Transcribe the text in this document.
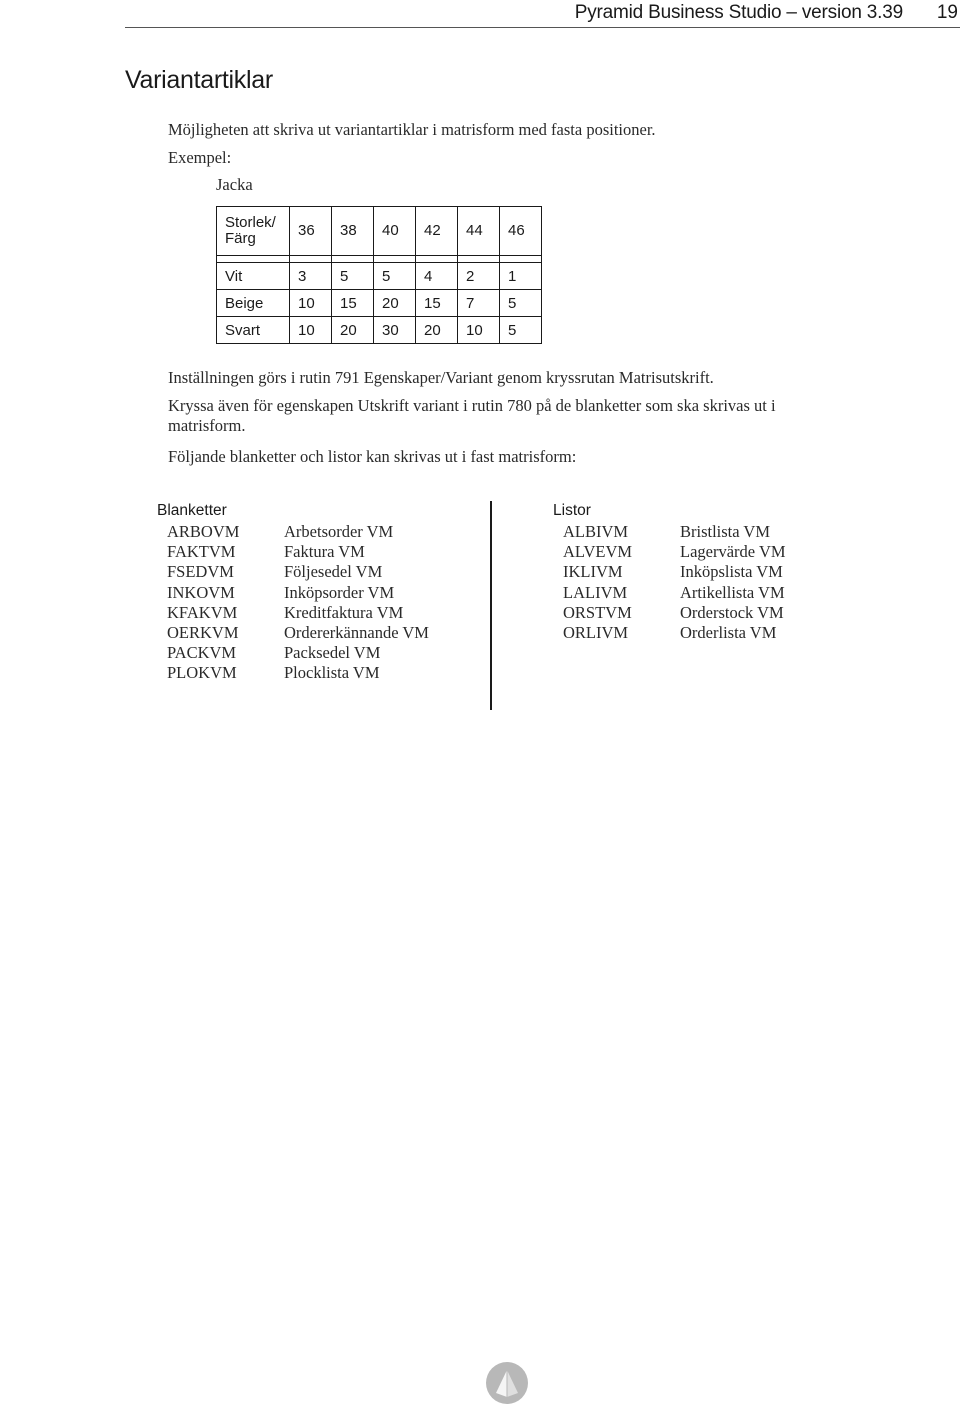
Pyramid Business Studio – version 3.39 19
Variantartiklar

Möjligheten att skriva ut variantartiklar i matrisform med fasta positioner.

Exempel:

Jacka

Storlek/
Färg	36	38	40	42	44	46

Vit	3	5	5	4	2	1
Beige	10	15	20	15	7	5
Svart	10	20	30	20	10	5

Inställningen görs i rutin 791 Egenskaper/Variant genom kryssrutan Matrisutskrift.

Kryssa även för egenskapen Utskrift variant i rutin 780 på de blanketter som ska skrivas ut i matrisform.

Följande blanketter och listor kan skrivas ut i fast matrisform:

Blanketter
ARBOVM	Arbetsorder VM
FAKTVM	Faktura VM
FSEDVM	Följesedel VM
INKOVM	Inköpsorder VM
KFAKVM	Kreditfaktura VM
OERKVM	Ordererkännande VM
PACKVM	Packsedel VM
PLOKVM	Plocklista VM
Listor
ALBIVM	Bristlista VM
ALVEVM	Lagervärde VM
IKLIVM	Inköpslista VM
LALIVM	Artikellista VM
ORSTVM	Orderstock VM
ORLIVM	Orderlista VM
